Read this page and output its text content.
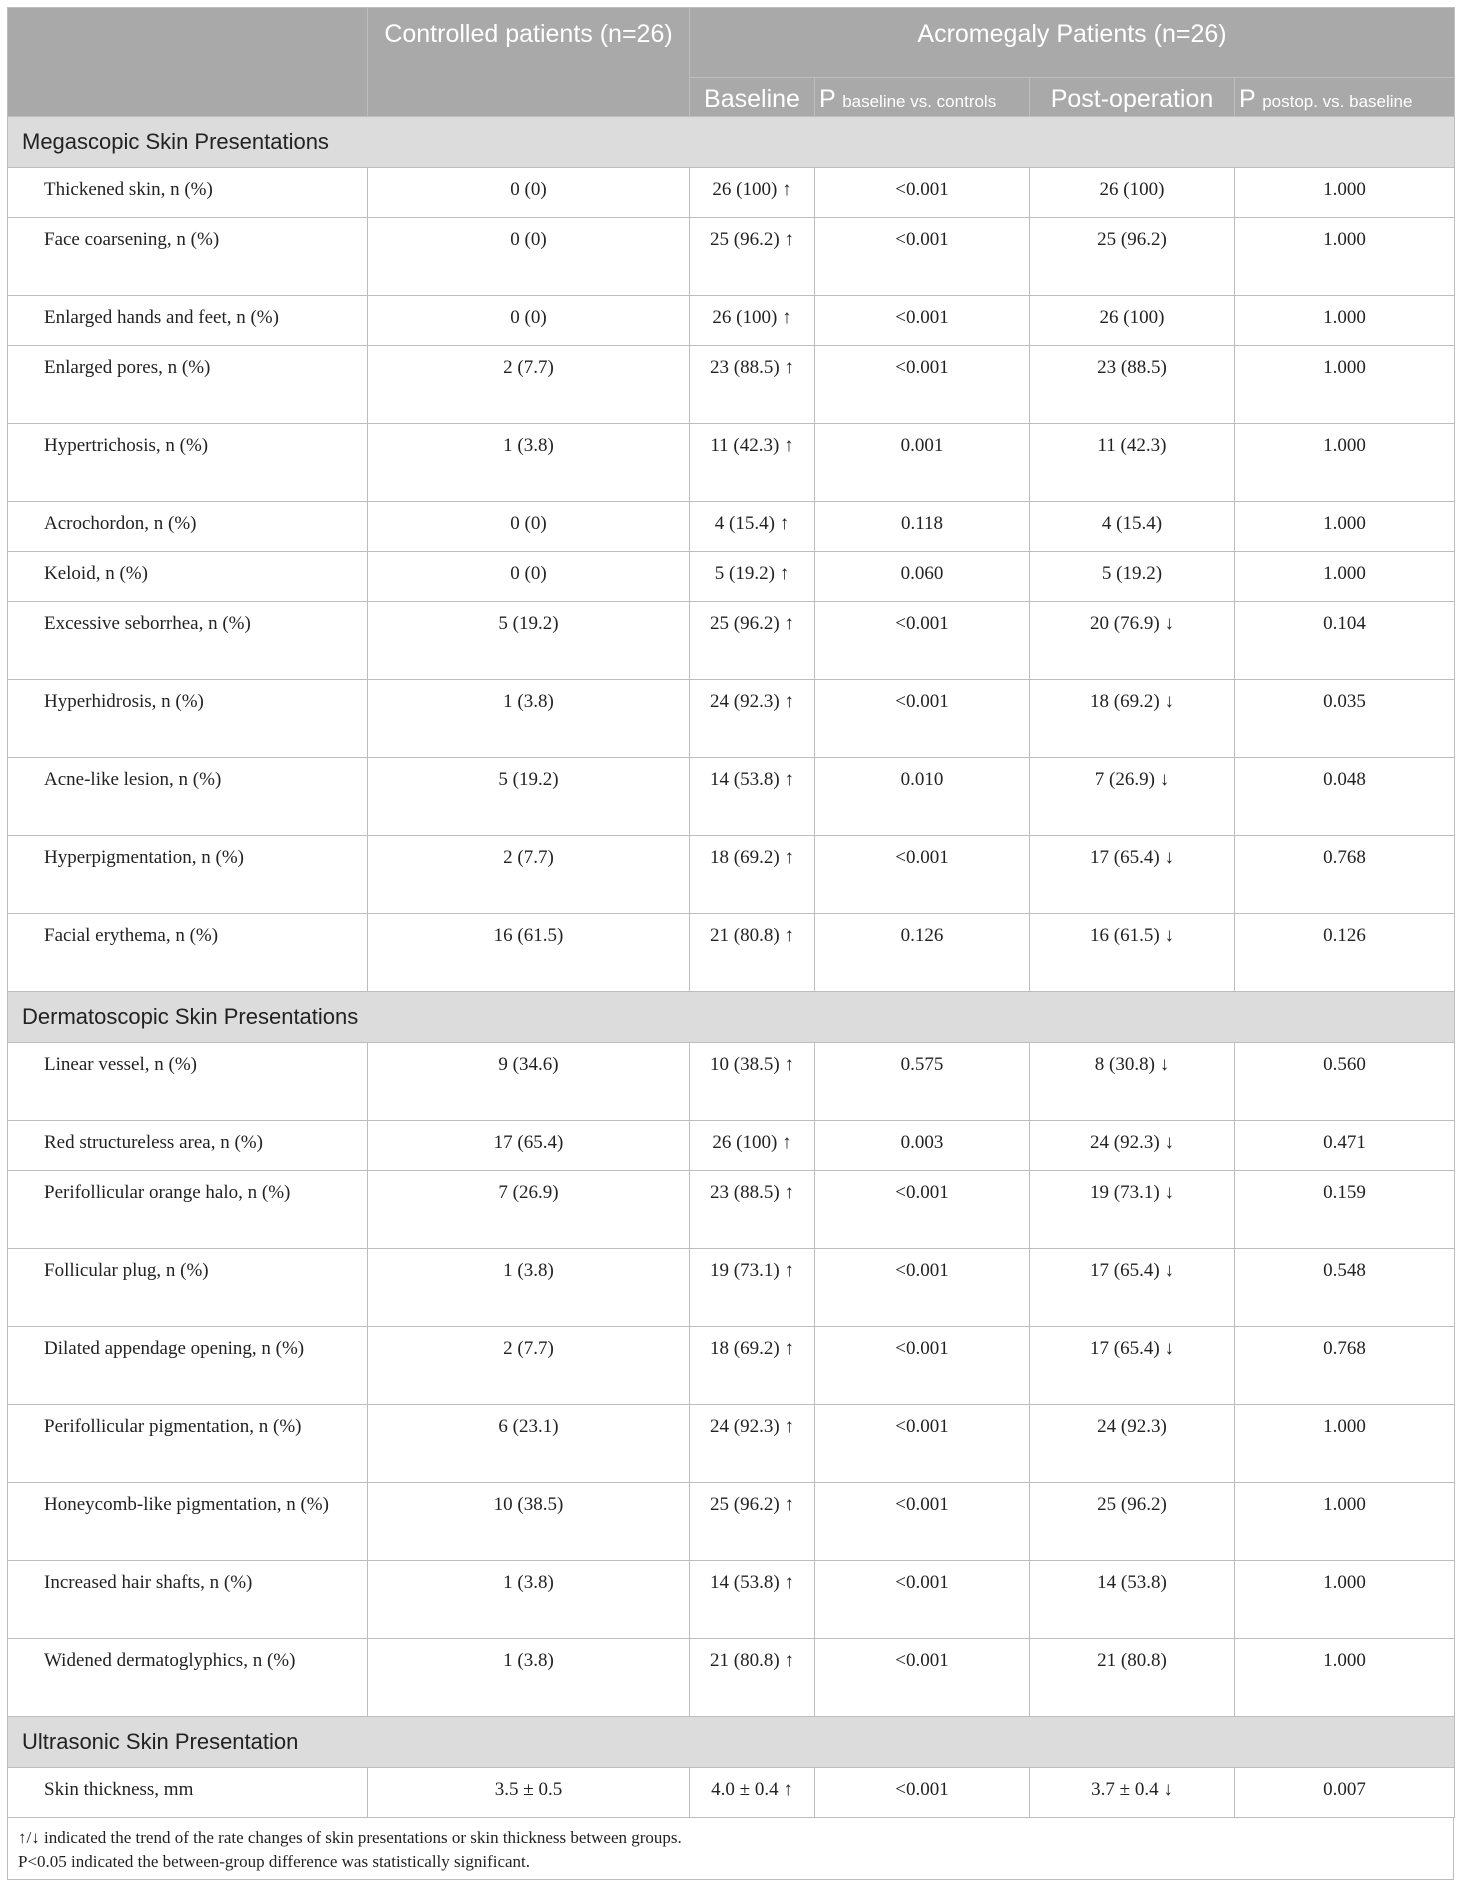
	Controlled patients (n=26)	Acromegaly Patients (n=26)			
		Baseline	P baseline vs. controls	Post-operation	P postop. vs. baseline
Megascopic Skin Presentations					
Thickened skin, n (%)	0 (0)	26 (100) ↑	<0.001	26 (100)	1.000
Face coarsening, n (%)	0 (0)	25 (96.2) ↑	<0.001	25 (96.2)	1.000
Enlarged hands and feet, n (%)	0 (0)	26 (100) ↑	<0.001	26 (100)	1.000
Enlarged pores, n (%)	2 (7.7)	23 (88.5) ↑	<0.001	23 (88.5)	1.000
Hypertrichosis, n (%)	1 (3.8)	11 (42.3) ↑	0.001	11 (42.3)	1.000
Acrochordon, n (%)	0 (0)	4 (15.4) ↑	0.118	4 (15.4)	1.000
Keloid, n (%)	0 (0)	5 (19.2) ↑	0.060	5 (19.2)	1.000
Excessive seborrhea, n (%)	5 (19.2)	25 (96.2) ↑	<0.001	20 (76.9) ↓	0.104
Hyperhidrosis, n (%)	1 (3.8)	24 (92.3) ↑	<0.001	18 (69.2) ↓	0.035
Acne-like lesion, n (%)	5 (19.2)	14 (53.8) ↑	0.010	7 (26.9) ↓	0.048
Hyperpigmentation, n (%)	2 (7.7)	18 (69.2) ↑	<0.001	17 (65.4) ↓	0.768
Facial erythema, n (%)	16 (61.5)	21 (80.8) ↑	0.126	16 (61.5) ↓	0.126
Dermatoscopic Skin Presentations					
Linear vessel, n (%)	9 (34.6)	10 (38.5) ↑	0.575	8 (30.8) ↓	0.560
Red structureless area, n (%)	17 (65.4)	26 (100) ↑	0.003	24 (92.3) ↓	0.471
Perifollicular orange halo, n (%)	7 (26.9)	23 (88.5) ↑	<0.001	19 (73.1) ↓	0.159
Follicular plug, n (%)	1 (3.8)	19 (73.1) ↑	<0.001	17 (65.4) ↓	0.548
Dilated appendage opening, n (%)	2 (7.7)	18 (69.2) ↑	<0.001	17 (65.4) ↓	0.768
Perifollicular pigmentation, n (%)	6 (23.1)	24 (92.3) ↑	<0.001	24 (92.3)	1.000
Honeycomb-like pigmentation, n (%)	10 (38.5)	25 (96.2) ↑	<0.001	25 (96.2)	1.000
Increased hair shafts, n (%)	1 (3.8)	14 (53.8) ↑	<0.001	14 (53.8)	1.000
Widened dermatoglyphics, n (%)	1 (3.8)	21 (80.8) ↑	<0.001	21 (80.8)	1.000
Ultrasonic Skin Presentation					
Skin thickness, mm	3.5 ± 0.5	4.0 ± 0.4 ↑	<0.001	3.7 ± 0.4 ↓	0.007
↑/↓ indicated the trend of the rate changes of skin presentations or skin thickness between groups.
P<0.05 indicated the between-group difference was statistically significant.
